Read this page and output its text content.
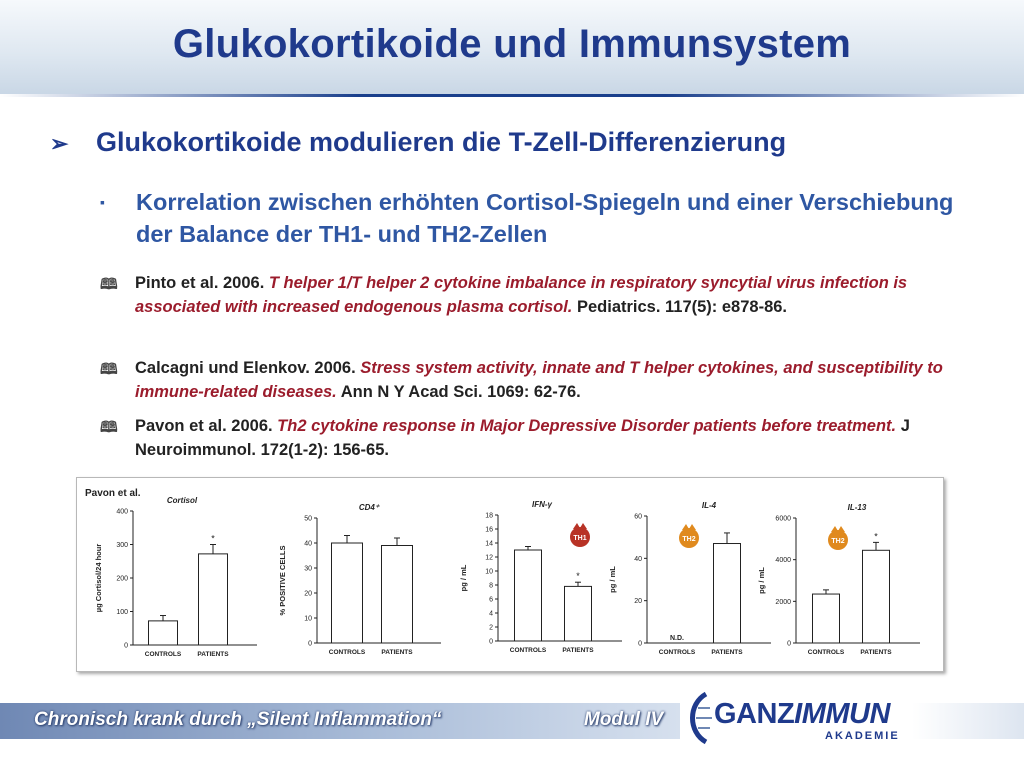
Glukokortikoide und Immunsystem
➢ Glukokortikoide modulieren die T-Zell-Differenzierung
▪ Korrelation zwischen erhöhten Cortisol-Spiegeln und einer Verschiebung der Balance der TH1- und TH2-Zellen
🕮 Pinto et al. 2006. T helper 1/T helper 2 cytokine imbalance in respiratory syncytial virus infection is associated with increased endogenous plasma cortisol. Pediatrics. 117(5): e878-86.
🕮 Calcagni und Elenkov. 2006. Stress system activity, innate and T helper cytokines, and susceptibility to immune-related diseases. Ann N Y Acad Sci. 1069: 62-76.
🕮 Pavon et al. 2006. Th2 cytokine response in Major Depressive Disorder patients before treatment. J Neuroimmunol. 172(1-2): 156-65.
Pavon et al.
0
100
200
300
400
µg Cortisol/24 hour
Cortisol
CONTROLS
*
PATIENTS
0
10
20
30
40
50
% POSITIVE CELLS
CD4⁺
CONTROLS PATIENTS
0
2
4
6
8
10
12
14
16
18
pg / mL
IFN-γ
CONTROLS
*
PATIENTS
TH1
0
20
40
60
pg / mL
IL-4
N.D.
CONTROLS PATIENTS
TH2
0
2000
4000
6000
pg / mL
IL-13
CONTROLS
*
PATIENTS
TH2
Chronisch krank durch „Silent Inflammation“	Modul IV GANZIMMUN
AKADEMIE
